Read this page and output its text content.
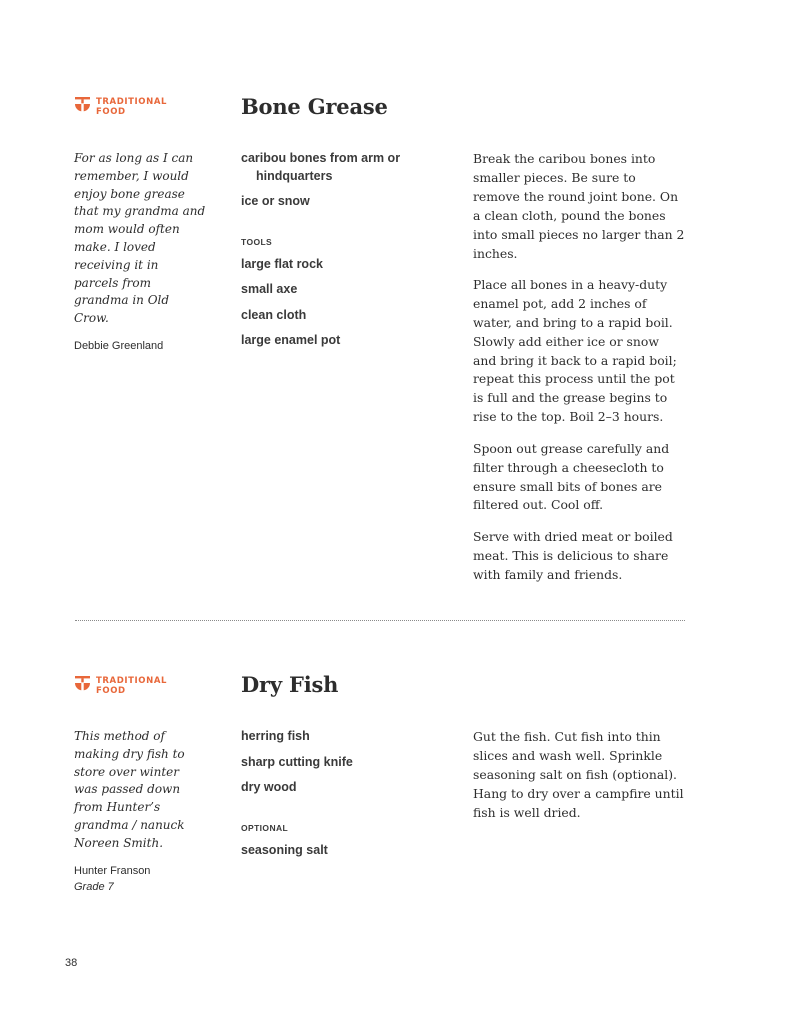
TRADITIONAL
FOOD	Bone Grease

For as long as I can remember, I would enjoy bone grease that my grandma and mom would often make. I loved receiving it in parcels from grandma in Old Crow.

Debbie Greenland

caribou bones from arm or hindquarters

ice or snow

TOOLS

large flat rock

small axe

clean cloth

large enamel pot

Break the caribou bones into smaller pieces. Be sure to remove the round joint bone. On a clean cloth, pound the bones into small pieces no larger than 2 inches.

Place all bones in a heavy-duty enamel pot, add 2 inches of water, and bring to a rapid boil. Slowly add either ice or snow and bring it back to a rapid boil; repeat this process until the pot is full and the grease begins to rise to the top. Boil 2–3 hours.

Spoon out grease carefully and filter through a cheesecloth to ensure small bits of bones are filtered out. Cool off.

Serve with dried meat or boiled meat. This is delicious to share with family and friends.

TRADITIONAL
FOOD	Dry Fish

This method of making dry fish to store over winter was passed down from Hunter’s grandma / nanuck Noreen Smith.

Hunter Franson
Grade 7

herring fish

sharp cutting knife

dry wood

OPTIONAL

seasoning salt

Gut the fish. Cut fish into thin slices and wash well. Sprinkle seasoning salt on fish (optional). Hang to dry over a campfire until fish is well dried.

38
